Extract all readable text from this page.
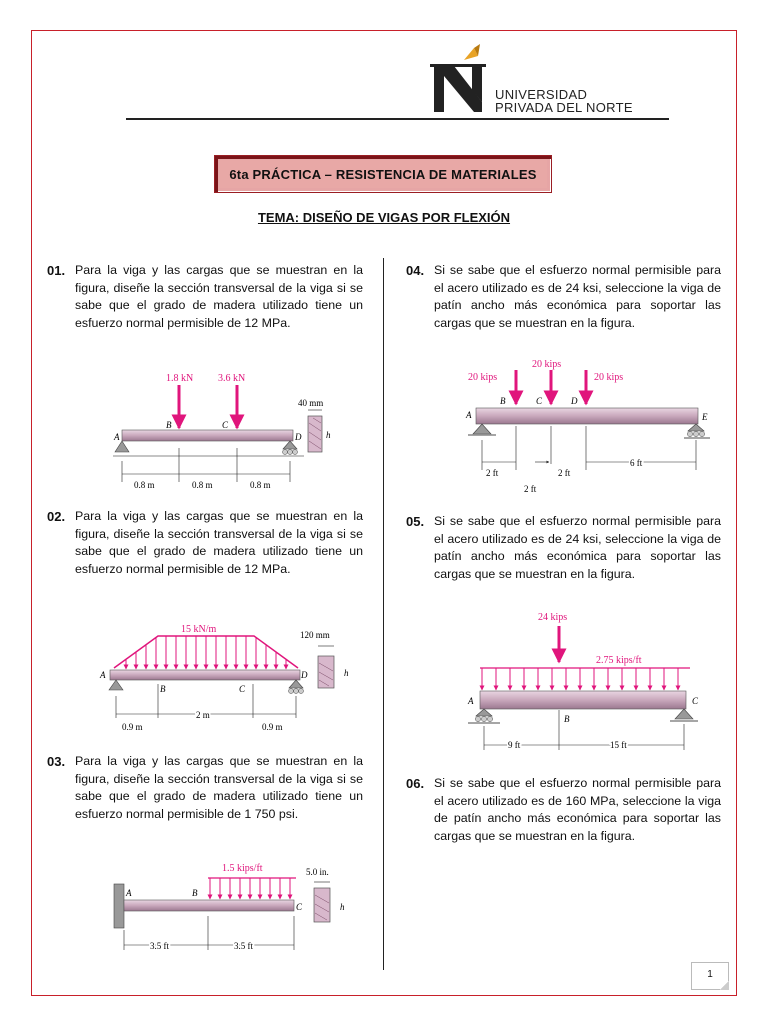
UNIVERSIDAD
PRIVADA DEL NORTE
6ta PRÁCTICA – RESISTENCIA DE MATERIALES
TEMA: DISEÑO DE VIGAS POR FLEXIÓN
01. Para la viga y las cargas que se muestran en la figura, diseñe la sección transversal de la viga si se sabe que el grado de madera utilizado tiene un esfuerzo normal permisible de 12 MPa.
02. Para la viga y las cargas que se muestran en la figura, diseñe la sección transversal de la viga si se sabe que el grado de madera utilizado tiene un esfuerzo normal permisible de 12 MPa.
03. Para la viga y las cargas que se muestran en la figura, diseñe la sección transversal de la viga si se sabe que el grado de madera utilizado tiene un esfuerzo normal permisible de 1 750 psi.
04. Si se sabe que el esfuerzo normal permisible para el acero utilizado es de 24 ksi, seleccione la viga de patín ancho más económica para soportar las cargas que se muestran en la figura.
05. Si se sabe que el esfuerzo normal permisible para el acero utilizado es de 24 ksi, seleccione la viga de patín ancho más económica para soportar las cargas que se muestran en la figura.
06. Si se sabe que el esfuerzo normal permisible para el acero utilizado es de 160 MPa, seleccione la viga de patín ancho más económica para soportar las cargas que se muestran en la figura.
1.8 kN 3.6 kN
A
B	C
D
40 mm
h
0.8 m	0.8 m	0.8 m
15 kN/m
A
B	C
D
120 mm
h
0.9 m
2 m
0.9 m
1.5 kips/ft
A	B
C
5.0 in.
h
3.5 ft	3.5 ft
20 kips
20 kips
20 kips
A
B	C	D
E
2 ft
2 ft
2 ft
6 ft
24 kips
2.75 kips/ft
A
B
C
9 ft	15 ft
1
